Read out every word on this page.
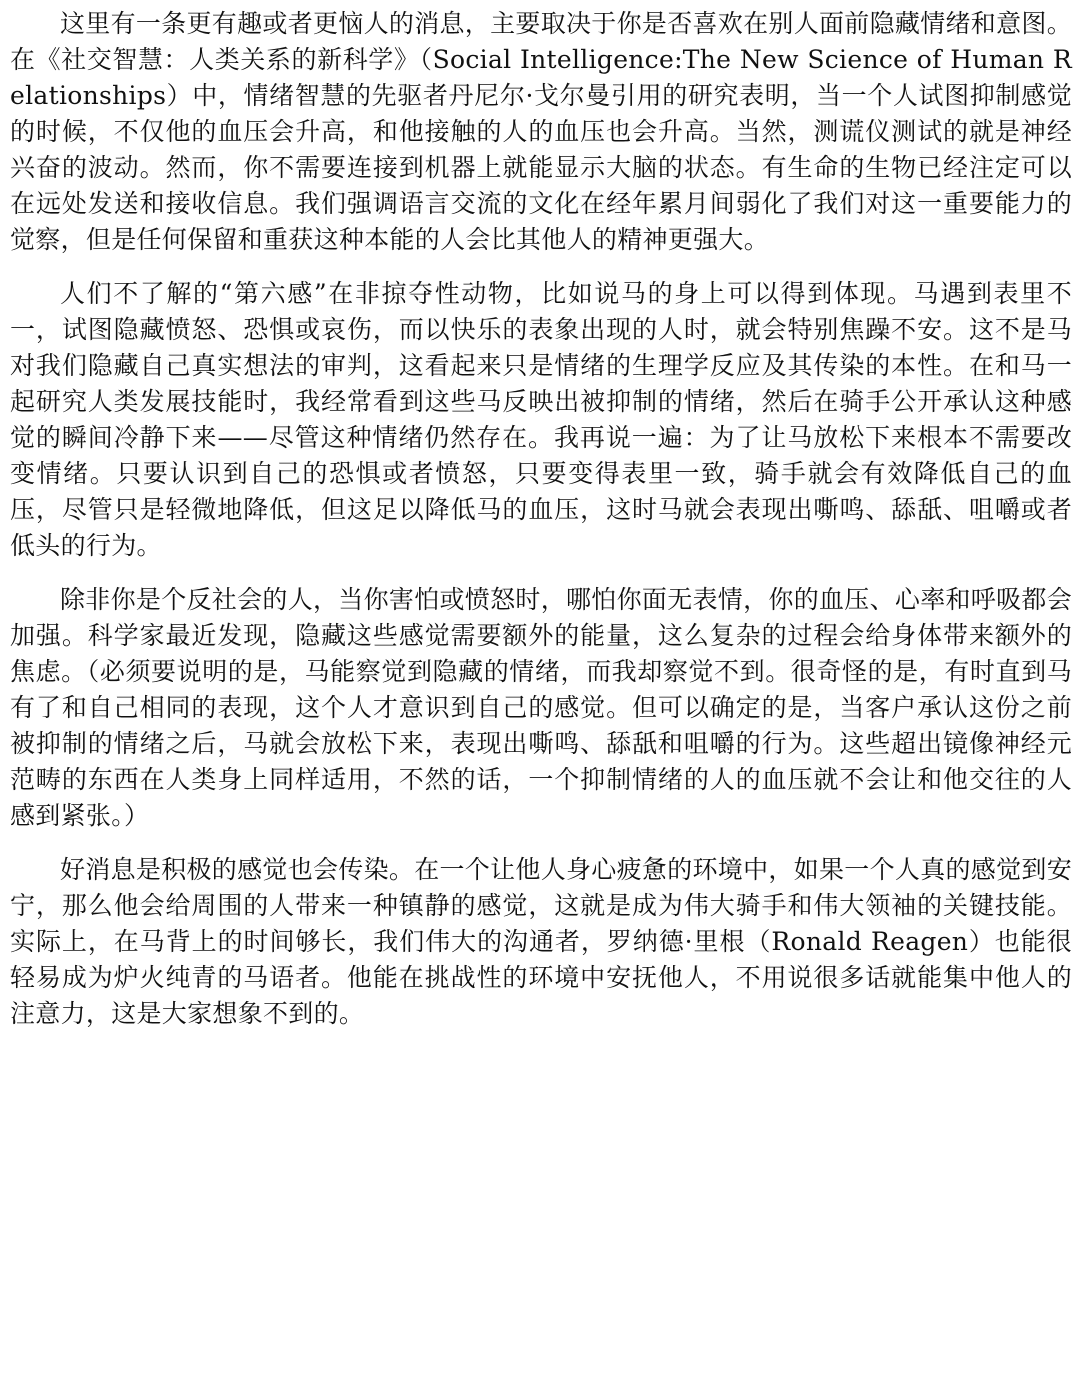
这里有一条更有趣或者更恼人的消息，主要取决于你是否喜欢在别人面前隐藏情绪和意图。在《社交智慧：人类关系的新科学》（Social Intelligence:The New Science of Human Relationships）中，情绪智慧的先驱者丹尼尔·戈尔曼引用的研究表明，当一个人试图抑制感觉的时候，不仅他的血压会升高，和他接触的人的血压也会升高。当然，测谎仪测试的就是神经兴奋的波动。然而，你不需要连接到机器上就能显示大脑的状态。有生命的生物已经注定可以在远处发送和接收信息。我们强调语言交流的文化在经年累月间弱化了我们对这一重要能力的觉察，但是任何保留和重获这种本能的人会比其他人的精神更强大。

人们不了解的“第六感”在非掠夺性动物，比如说马的身上可以得到体现。马遇到表里不一，试图隐藏愤怒、恐惧或哀伤，而以快乐的表象出现的人时，就会特别焦躁不安。这不是马对我们隐藏自己真实想法的审判，这看起来只是情绪的生理学反应及其传染的本性。在和马一起研究人类发展技能时，我经常看到这些马反映出被抑制的情绪，然后在骑手公开承认这种感觉的瞬间冷静下来——尽管这种情绪仍然存在。我再说一遍：为了让马放松下来根本不需要改变情绪。只要认识到自己的恐惧或者愤怒，只要变得表里一致，骑手就会有效降低自己的血压，尽管只是轻微地降低，但这足以降低马的血压，这时马就会表现出嘶鸣、舔舐、咀嚼或者低头的行为。

除非你是个反社会的人，当你害怕或愤怒时，哪怕你面无表情，你的血压、心率和呼吸都会加强。科学家最近发现，隐藏这些感觉需要额外的能量，这么复杂的过程会给身体带来额外的焦虑。（必须要说明的是，马能察觉到隐藏的情绪，而我却察觉不到。很奇怪的是，有时直到马有了和自己相同的表现，这个人才意识到自己的感觉。但可以确定的是，当客户承认这份之前被抑制的情绪之后，马就会放松下来，表现出嘶鸣、舔舐和咀嚼的行为。这些超出镜像神经元范畴的东西在人类身上同样适用，不然的话，一个抑制情绪的人的血压就不会让和他交往的人感到紧张。）

好消息是积极的感觉也会传染。在一个让他人身心疲惫的环境中，如果一个人真的感觉到安宁，那么他会给周围的人带来一种镇静的感觉，这就是成为伟大骑手和伟大领袖的关键技能。实际上，在马背上的时间够长，我们伟大的沟通者，罗纳德·里根（Ronald Reagen）也能很轻易成为炉火纯青的马语者。他能在挑战性的环境中安抚他人，不用说很多话就能集中他人的注意力，这是大家想象不到的。
